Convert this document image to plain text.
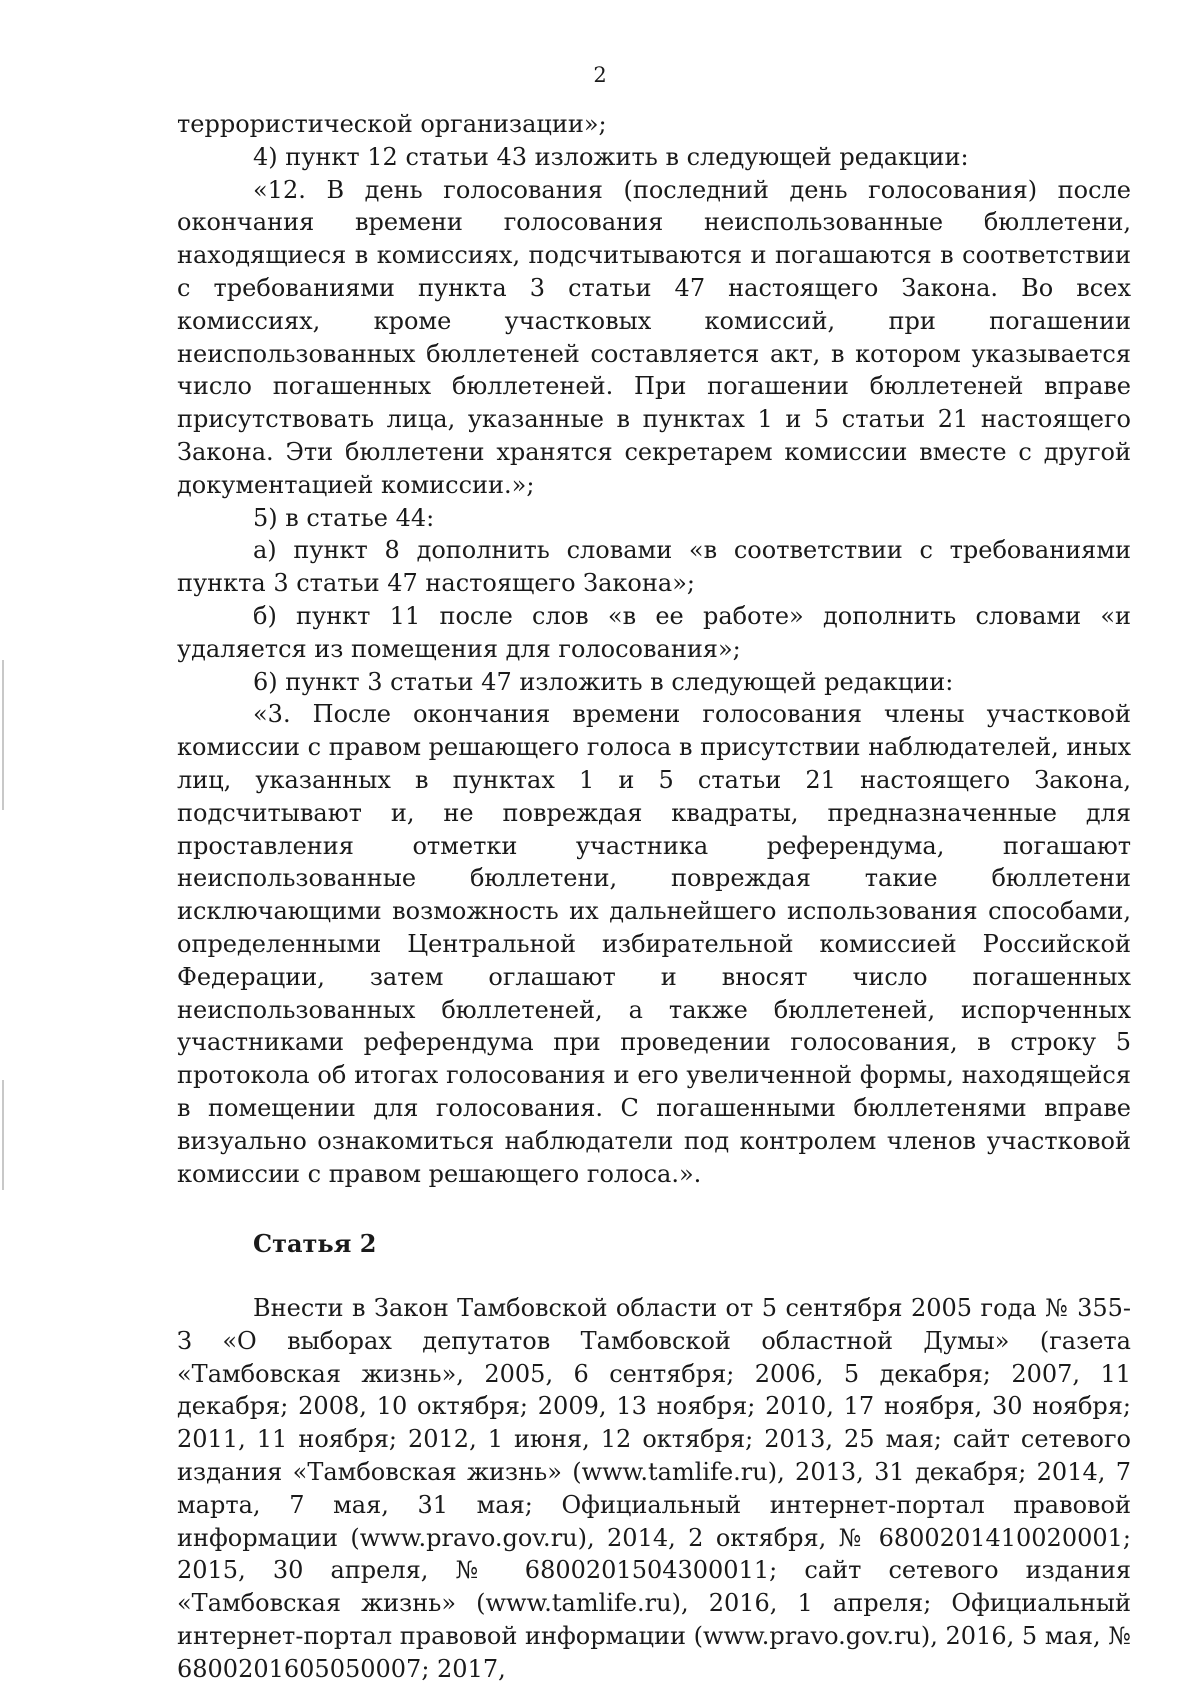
2

террористической организации»;

4) пункт 12 статьи 43 изложить в следующей редакции:

«12. В день голосования (последний день голосования) после окончания времени голосования неиспользованные бюллетени, находящиеся в комиссиях, подсчитываются и погашаются в соответствии с требованиями пункта 3 статьи 47 настоящего Закона. Во всех комиссиях, кроме участковых комиссий, при погашении неиспользованных бюллетеней составляется акт, в котором указывается число погашенных бюллетеней. При погашении бюллетеней вправе присутствовать лица, указанные в пунктах 1 и 5 статьи 21 настоящего Закона. Эти бюллетени хранятся секретарем комиссии вместе с другой документацией комиссии.»;

5) в статье 44:

а) пункт 8 дополнить словами «в соответствии с требованиями пункта 3 статьи 47 настоящего Закона»;

б) пункт 11 после слов «в ее работе» дополнить словами «и удаляется из помещения для голосования»;

6) пункт 3 статьи 47 изложить в следующей редакции:

«3. После окончания времени голосования члены участковой комиссии с правом решающего голоса в присутствии наблюдателей, иных лиц, указанных в пунктах 1 и 5 статьи 21 настоящего Закона, подсчитывают и, не повреждая квадраты, предназначенные для проставления отметки участника референдума, погашают неиспользованные бюллетени, повреждая такие бюллетени исключающими возможность их дальнейшего использования способами, определенными Центральной избирательной комиссией Российской Федерации, затем оглашают и вносят число погашенных неиспользованных бюллетеней, а также бюллетеней, испорченных участниками референдума при проведении голосования, в строку 5 протокола об итогах голосования и его увеличенной формы, находящейся в помещении для голосования. С погашенными бюллетенями вправе визуально ознакомиться наблюдатели под контролем членов участковой комиссии с правом решающего голоса.».

Статья 2

Внести в Закон Тамбовской области от 5 сентября 2005 года № 355-З «О выборах депутатов Тамбовской областной Думы» (газета «Тамбовская жизнь», 2005, 6 сентября; 2006, 5 декабря; 2007, 11 декабря; 2008, 10 октября; 2009, 13 ноября; 2010, 17 ноября, 30 ноября; 2011, 11 ноября; 2012, 1 июня, 12 октября; 2013, 25 мая; сайт сетевого издания «Тамбовская жизнь» (www.tamlife.ru), 2013, 31 декабря; 2014, 7 марта, 7 мая, 31 мая; Официальный интернет-портал правовой информации (www.pravo.gov.ru), 2014, 2 октября, № 6800201410020001; 2015, 30 апреля, № 6800201504300011; сайт сетевого издания «Тамбовская жизнь» (www.tamlife.ru), 2016, 1 апреля; Официальный интернет-портал правовой информации (www.pravo.gov.ru), 2016, 5 мая, № 6800201605050007; 2017,
